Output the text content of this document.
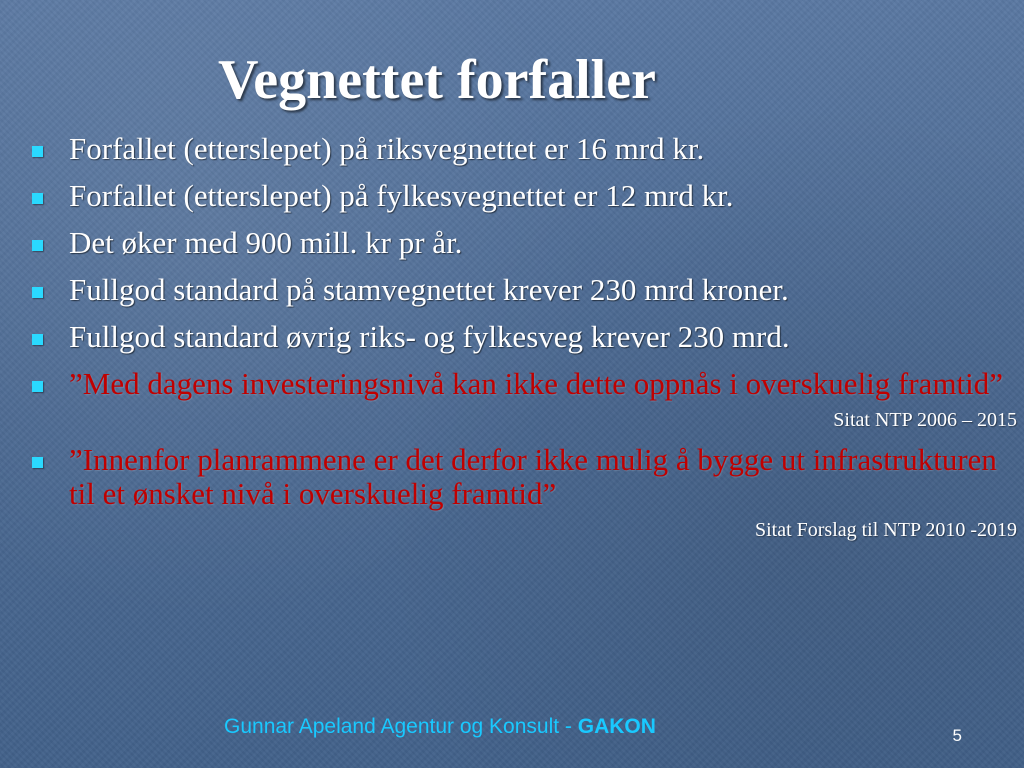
Vegnettet forfaller
Forfallet (etterslepet) på riksvegnettet er 16 mrd kr.
Forfallet (etterslepet) på fylkesvegnettet er 12 mrd kr.
Det øker med 900 mill. kr pr år.
Fullgod standard på stamvegnettet krever 230 mrd kroner.
Fullgod standard øvrig riks- og fylkesveg krever 230 mrd.
”Med dagens investeringsnivå kan ikke dette oppnås i overskuelig framtid”
Sitat NTP 2006 – 2015
”Innenfor planrammene er det derfor ikke mulig å bygge ut infrastrukturen til et ønsket nivå i overskuelig framtid”
Sitat Forslag til NTP 2010 -2019
Gunnar Apeland Agentur og Konsult - GAKON	5
